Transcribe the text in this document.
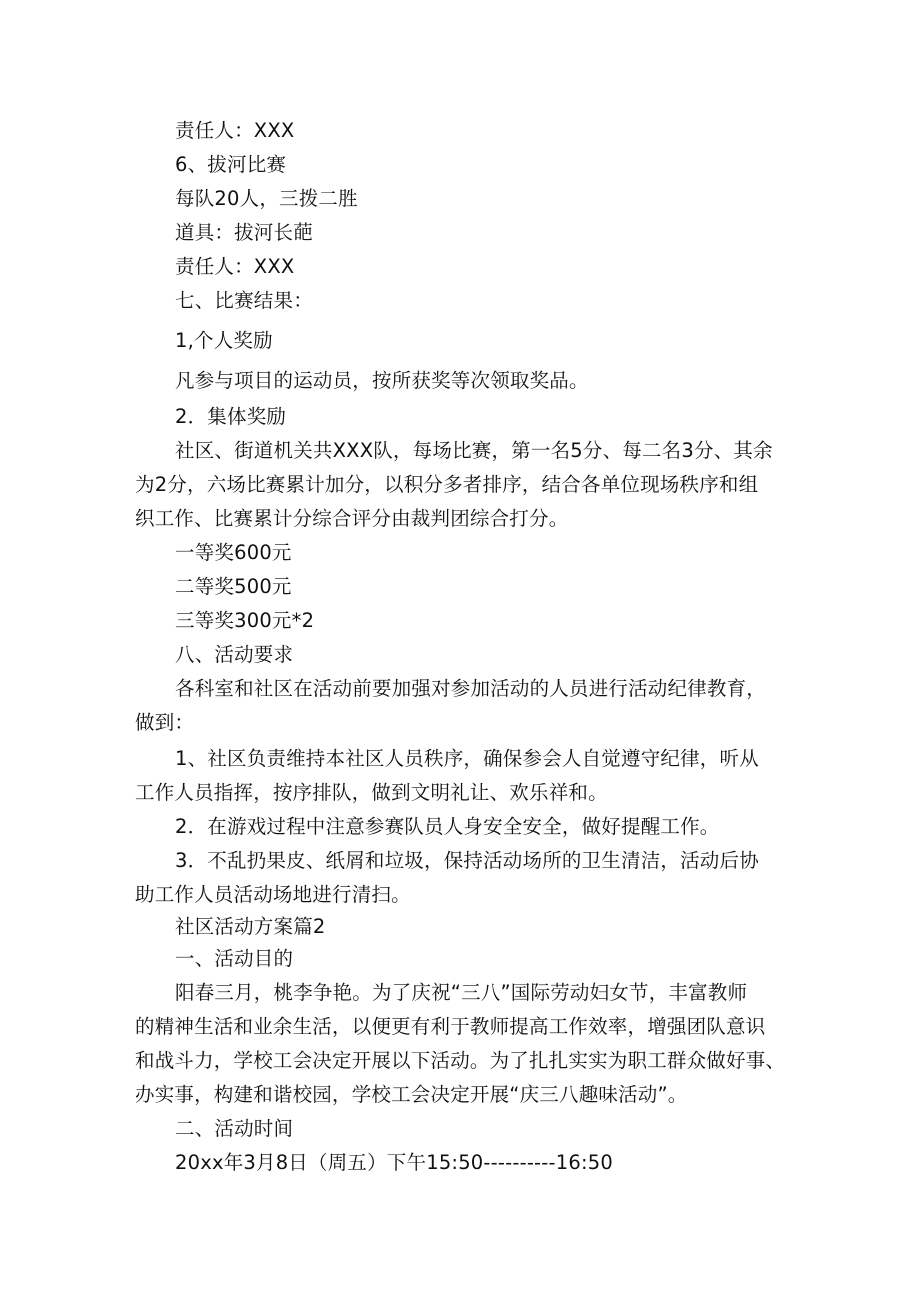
责任人：XXX

6、拔河比赛

每队20人，三拨二胜

道具：拔河长葩

责任人：XXX

七、比赛结果：

1,个人奖励

凡参与项目的运动员，按所获奖等次领取奖品。

2．集体奖励

社区、街道机关共XXX队，每场比赛，第一名5分、每二名3分、其余

为2分，六场比赛累计加分，以积分多者排序，结合各单位现场秩序和组

织工作、比赛累计分综合评分由裁判团综合打分。

一等奖600元

二等奖500元

三等奖300元*2

八、活动要求

各科室和社区在活动前要加强对参加活动的人员进行活动纪律教育，

做到：

1、社区负责维持本社区人员秩序，确保参会人自觉遵守纪律，听从

工作人员指挥，按序排队，做到文明礼让、欢乐祥和。

2．在游戏过程中注意参赛队员人身安全安全，做好提醒工作。

3．不乱扔果皮、纸屑和垃圾，保持活动场所的卫生清洁，活动后协

助工作人员活动场地进行清扫。

社区活动方案篇2

一、活动目的

阳春三月，桃李争艳。为了庆祝“三八”国际劳动妇女节，丰富教师

的精神生活和业余生活，以便更有利于教师提高工作效率，增强团队意识

和战斗力，学校工会决定开展以下活动。为了扎扎实实为职工群众做好事、

办实事，构建和谐校园，学校工会决定开展“庆三八趣味活动”。

二、活动时间

20xx年3月8日（周五）下午15:50----------16:50
